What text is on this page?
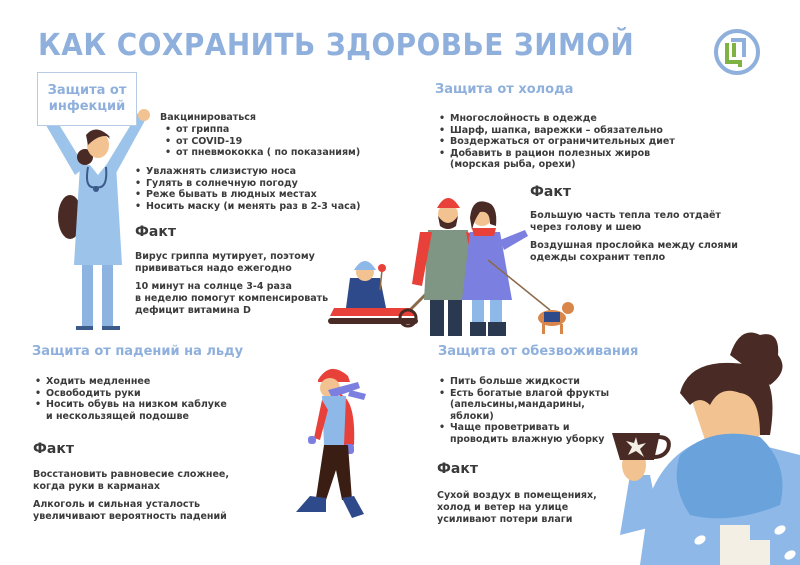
КАК СОХРАНИТЬ ЗДОРОВЬЕ ЗИМОЙ
Защита от
инфекций
Вакцинироваться
• от гриппа
• от COVID-19
• от пневмококка ( по показаниям)
• Увлажнять слизистую носа
• Гулять в солнечную погоду
• Реже бывать в людных местах
• Носить маску (и менять раз в 2-3 часа)
Факт

Вирус гриппа мутирует, поэтому
прививаться надо ежегодно

10 минут на солнце 3-4 раза
в неделю помогут компенсировать
дефицит витамина D

Защита от холода
• Многослойность в одежде
• Шарф, шапка, варежки – обязательно
• Воздержаться от ограничительных диет
• Добавить в рацион полезных жиров
(морская рыба, орехи)
Факт

Большую часть тепла тело отдаёт
через голову и шею

Воздушная прослойка между слоями
одежды сохранит тепло

Защита от падений на льду
• Ходить медленнее
• Освободить руки
• Носить обувь на низком каблуке
и нескользящей подошве
Факт

Восстановить равновесие сложнее,
когда руки в карманах

Алкоголь и сильная усталость
увеличивают вероятность падений

Защита от обезвоживания
• Пить больше жидкости
• Есть богатые влагой фрукты
(апельсины,мандарины,
яблоки)
• Чаще проветривать и
проводить влажную уборку
Факт

Сухой воздух в помещениях,
холод и ветер на улице
усиливают потери влаги
